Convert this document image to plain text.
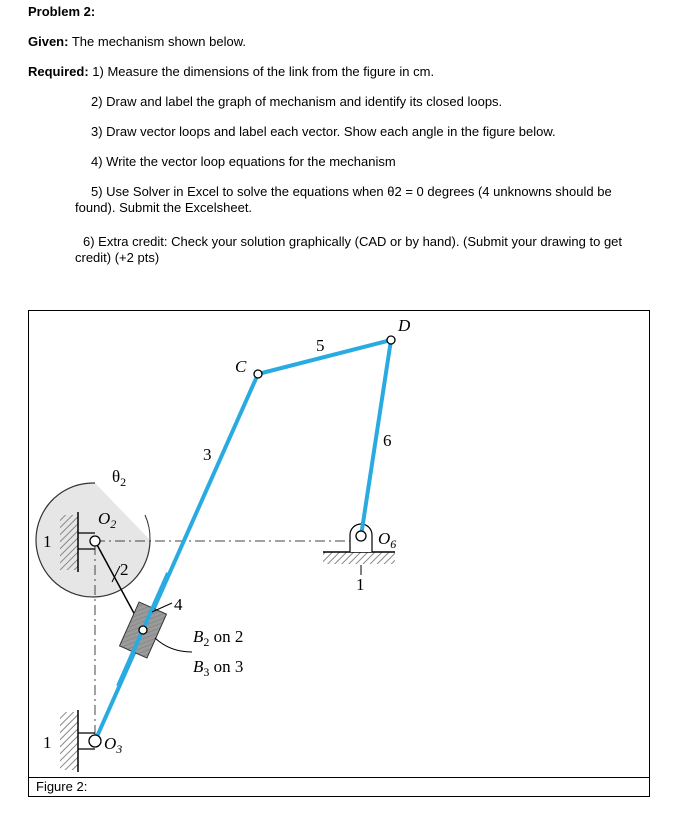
Problem 2:
Given: The mechanism shown below.
Required: 1) Measure the dimensions of the link from the figure in cm.
2) Draw and label the graph of mechanism and identify its closed loops.
3) Draw vector loops and label each vector. Show each angle in the figure below.
4) Write the vector loop equations for the mechanism
5) Use Solver in Excel to solve the equations when θ2 = 0 degrees (4 unknowns should be found). Submit the Excelsheet.
6) Extra credit: Check your solution graphically (CAD or by hand). (Submit your drawing to get credit) (+2 pts)
Figure 2:
D
C
5
6
3
2
4
$\theta_2$
$O_2$
$O_6$
$O_3$
1
1
1
$B_2$ on 2
$B_3$ on 3
